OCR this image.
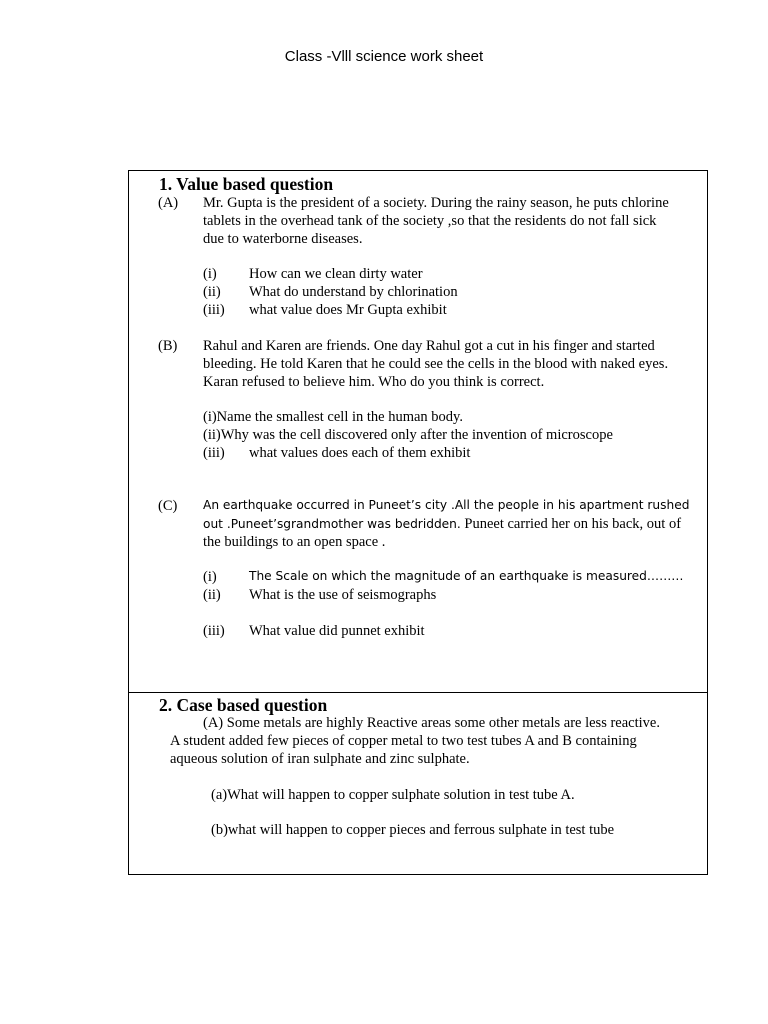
Class -Vlll science work sheet
1. Value based question
(A) Mr. Gupta is the president of a society. During the rainy season, he puts chlorine
tablets in the overhead tank of the society ,so that the residents do not fall sick
due to waterborne diseases.
(i) How can we clean dirty water
(ii) What do understand by chlorination
(iii) what value does Mr Gupta exhibit
(B) Rahul and Karen are friends. One day Rahul got a cut in his finger and started
bleeding. He told Karen that he could see the cells in the blood with naked eyes.
Karan refused to believe him. Who do you think is correct.
(i)Name the smallest cell in the human body.
(ii)Why was the cell discovered only after the invention of microscope
(iii) what values does each of them exhibit
(C) An earthquake occurred in Puneet’s city .All the people in his apartment rushed
out .Puneet’sgrandmother was bedridden. Puneet carried her on his back, out of
the buildings to an open space .
(i)	The Scale on which the magnitude of an earthquake is measured………
(ii) What is the use of seismographs
(iii) What value did punnet exhibit
2. Case based question
(A) Some metals are highly Reactive areas some other metals are less reactive.
A student added few pieces of copper metal to two test tubes A and B containing
aqueous solution of iran sulphate and zinc sulphate.
(a)What will happen to copper sulphate solution in test tube A.
(b)what will happen to copper pieces and ferrous sulphate in test tube
